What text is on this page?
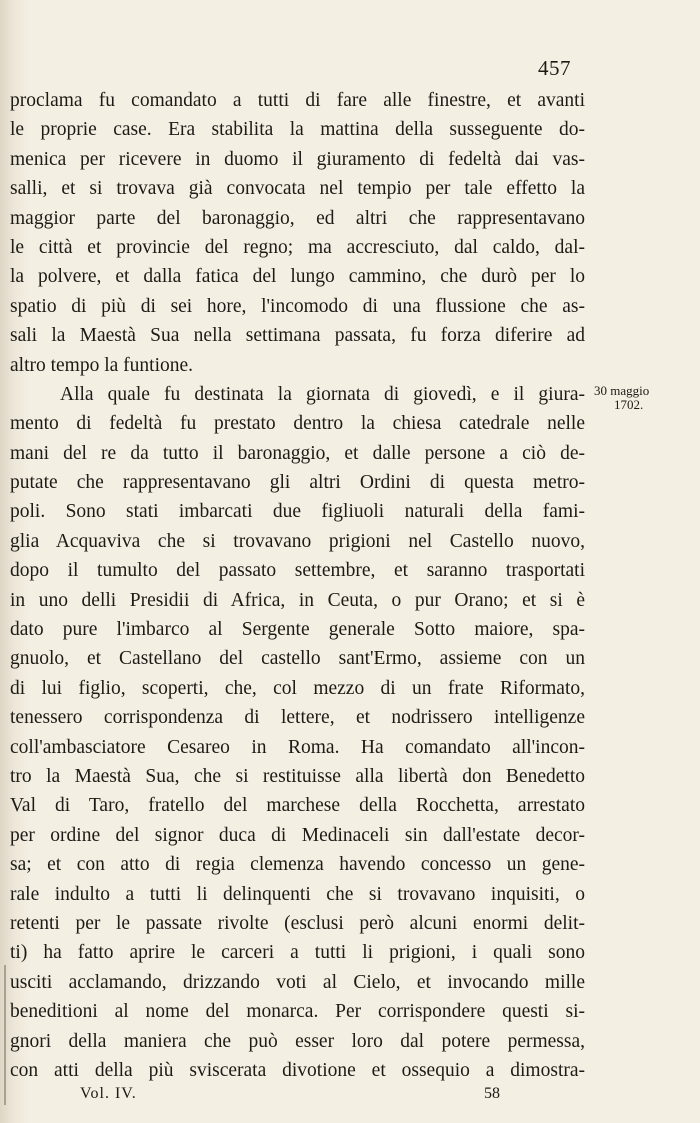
457
proclama fu comandato a tutti di fare alle finestre, et avanti
le proprie case. Era stabilita la mattina della susseguente do-
menica per ricevere in duomo il giuramento di fedeltà dai vas-
salli, et si trovava già convocata nel tempio per tale effetto la
maggior parte del baronaggio, ed altri che rappresentavano
le città et provincie del regno; ma accresciuto, dal caldo, dal-
la polvere, et dalla fatica del lungo cammino, che durò per lo
spatio di più di sei hore, l'incomodo di una flussione che as-
sali la Maestà Sua nella settimana passata, fu forza diferire ad
altro tempo la funtione.
Alla quale fu destinata la giornata di giovedì, e il giura-
mento di fedeltà fu prestato dentro la chiesa catedrale nelle
mani del re da tutto il baronaggio, et dalle persone a ciò de-
putate che rappresentavano gli altri Ordini di questa metro-
poli. Sono stati imbarcati due figliuoli naturali della fami-
glia Acquaviva che si trovavano prigioni nel Castello nuovo,
dopo il tumulto del passato settembre, et saranno trasportati
in uno delli Presidii di Africa, in Ceuta, o pur Orano; et si è
dato pure l'imbarco al Sergente generale Sotto maiore, spa-
gnuolo, et Castellano del castello sant'Ermo, assieme con un
di lui figlio, scoperti, che, col mezzo di un frate Riformato,
tenessero corrispondenza di lettere, et nodrissero intelligenze
coll'ambasciatore Cesareo in Roma. Ha comandato all'incon-
tro la Maestà Sua, che si restituisse alla libertà don Benedetto
Val di Taro, fratello del marchese della Rocchetta, arrestato
per ordine del signor duca di Medinaceli sin dall'estate decor-
sa; et con atto di regia clemenza havendo concesso un gene-
rale indulto a tutti li delinquenti che si trovavano inquisiti, o
retenti per le passate rivolte (esclusi però alcuni enormi delit-
ti) ha fatto aprire le carceri a tutti li prigioni, i quali sono
usciti acclamando, drizzando voti al Cielo, et invocando mille
beneditioni al nome del monarca. Per corrispondere questi si-
gnori della maniera che può esser loro dal potere permessa,
con atti della più sviscerata divotione et ossequio a dimostra-
30 maggio
1702.
Vol. IV.	58
